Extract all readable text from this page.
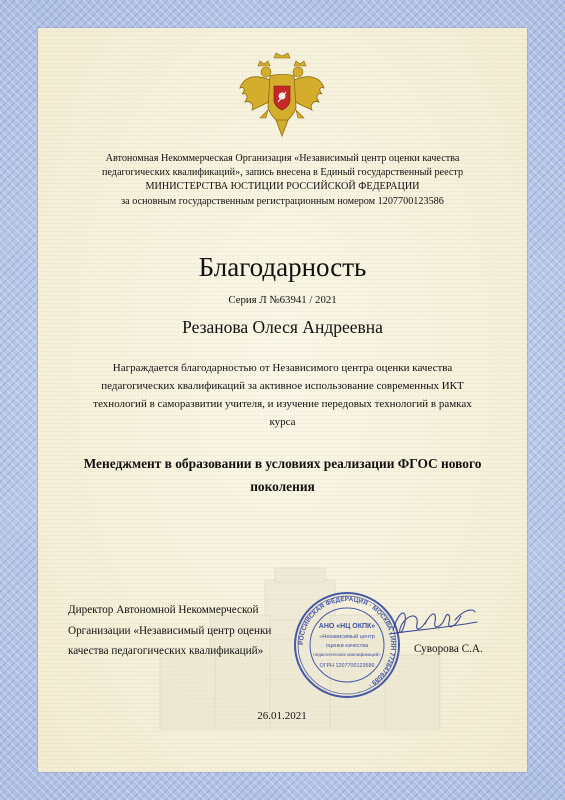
Автономная Некоммерческая Организация «Независимый центр оценки качества
педагогических квалификаций», запись внесена в Единый государственный реестр
МИНИСТЕРСТВА ЮСТИЦИИ РОССИЙСКОЙ ФЕДЕРАЦИИ
за основным государственным регистрационным номером 1207700123586
Благодарность
Серия Л №63941 / 2021
Резанова Олеся Андреевна
Награждается благодарностью от Независимого центра оценки качества
педагогических квалификаций за активное использование современных ИКТ
технологий в саморазвитии учителя, и изучение передовых технологий в рамках
курса
Менеджмент в образовании в условиях реализации ФГОС нового
поколения
Директор Автономной Некоммерческой
Организации «Независимый центр оценки
качества педагогических квалификаций»
РОССИЙСКАЯ ФЕДЕРАЦИЯ · МОСКВА · ИНН 7726476589 ·
АНО «НЦ ОКПК»
«Независимый центр
оценки качества
педагогических квалификаций»
ОГРН 1207700123586
Суворова С.А.
26.01.2021
